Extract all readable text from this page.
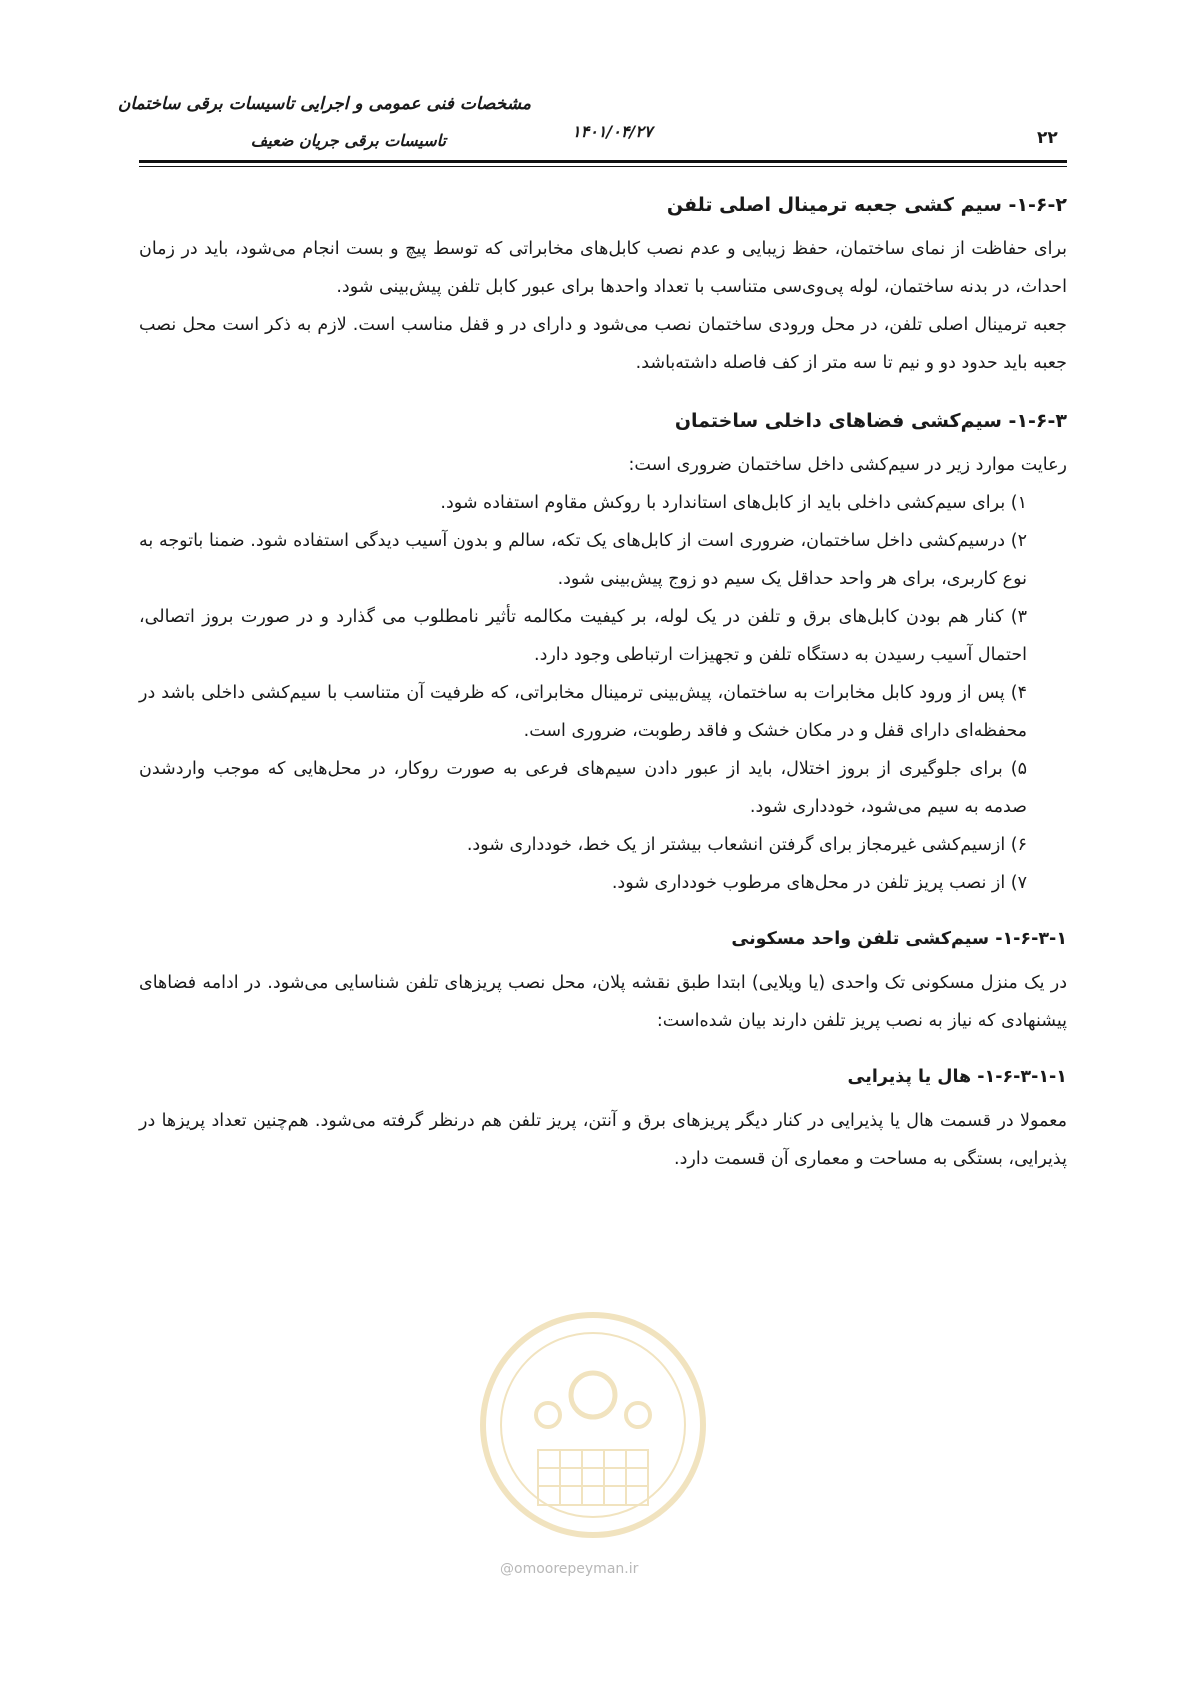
مشخصات فنی عمومی و اجرایی تاسیسات برقی ساختمان
تاسیسات برقی جریان ضعیف	۱۴۰۱/۰۴/۲۷	۲۲
۱-۶-۲- سیم کشی جعبه ترمینال اصلی تلفن

برای حفاظت از نمای ساختمان، حفظ زیبایی و عدم نصب کابل‌های مخابراتی که توسط پیچ و بست انجام می‌شود، باید در زمان احداث، در بدنه ساختمان، لوله پی‌وی‌سی متناسب با تعداد واحدها برای عبور کابل تلفن پیش‌بینی شود.

جعبه ترمینال اصلی تلفن، در محل ورودی ساختمان نصب می‌شود و دارای در و قفل مناسب است. لازم به ذکر است محل نصب جعبه باید حدود دو و نیم تا سه متر از کف فاصله داشته‌باشد.

۱-۶-۳- سیم‌کشی فضاهای داخلی ساختمان

رعایت موارد زیر در سیم‌کشی داخل ساختمان ضروری است:

۱) برای سیم‌کشی داخلی باید از کابل‌های استاندارد با روکش مقاوم استفاده شود.

۲) درسیم‌کشی داخل ساختمان، ضروری است از کابل‌های یک تکه، سالم و بدون آسیب دیدگی استفاده شود. ضمنا باتوجه به نوع کاربری، برای هر واحد حداقل یک سیم دو زوج پیش‌بینی شود.

۳) کنار هم بودن کابل‌های برق و تلفن در یک لوله، بر کیفیت مکالمه تأثیر نامطلوب می گذارد و در صورت بروز اتصالی، احتمال آسیب رسیدن به دستگاه تلفن و تجهیزات ارتباطی وجود دارد.

۴) پس از ورود کابل مخابرات به ساختمان، پیش‌بینی ترمینال مخابراتی، که ظرفیت آن متناسب با سیم‌کشی داخلی باشد در محفظه‌ای دارای قفل و در مکان خشک و فاقد رطوبت، ضروری است.

۵) برای جلوگیری از بروز اختلال، باید از عبور دادن سیم‌های فرعی به صورت روکار، در محل‌هایی که موجب واردشدن صدمه به سیم می‌شود، خودداری شود.

۶) ازسیم‌کشی غیرمجاز برای گرفتن انشعاب بیشتر از یک خط، خودداری شود.

۷) از نصب پریز تلفن در محل‌های مرطوب خودداری شود.

۱-۶-۳-۱- سیم‌کشی تلفن واحد مسکونی

در یک منزل مسکونی تک واحدی (یا ویلایی) ابتدا طبق نقشه پلان، محل نصب پریزهای تلفن شناسایی می‌شود. در ادامه فضاهای پیشنهادی که نیاز به نصب پریز تلفن دارند بیان شده‌است:

۱-۶-۳-۱-۱- هال یا پذیرایی

معمولا در قسمت هال یا پذیرایی در کنار دیگر پریزهای برق و آنتن، پریز تلفن هم درنظر گرفته می‌شود. هم‌چنین تعداد پریزها در پذیرایی، بستگی به مساحت و معماری آن قسمت دارد.

@omoorepeyman.ir
